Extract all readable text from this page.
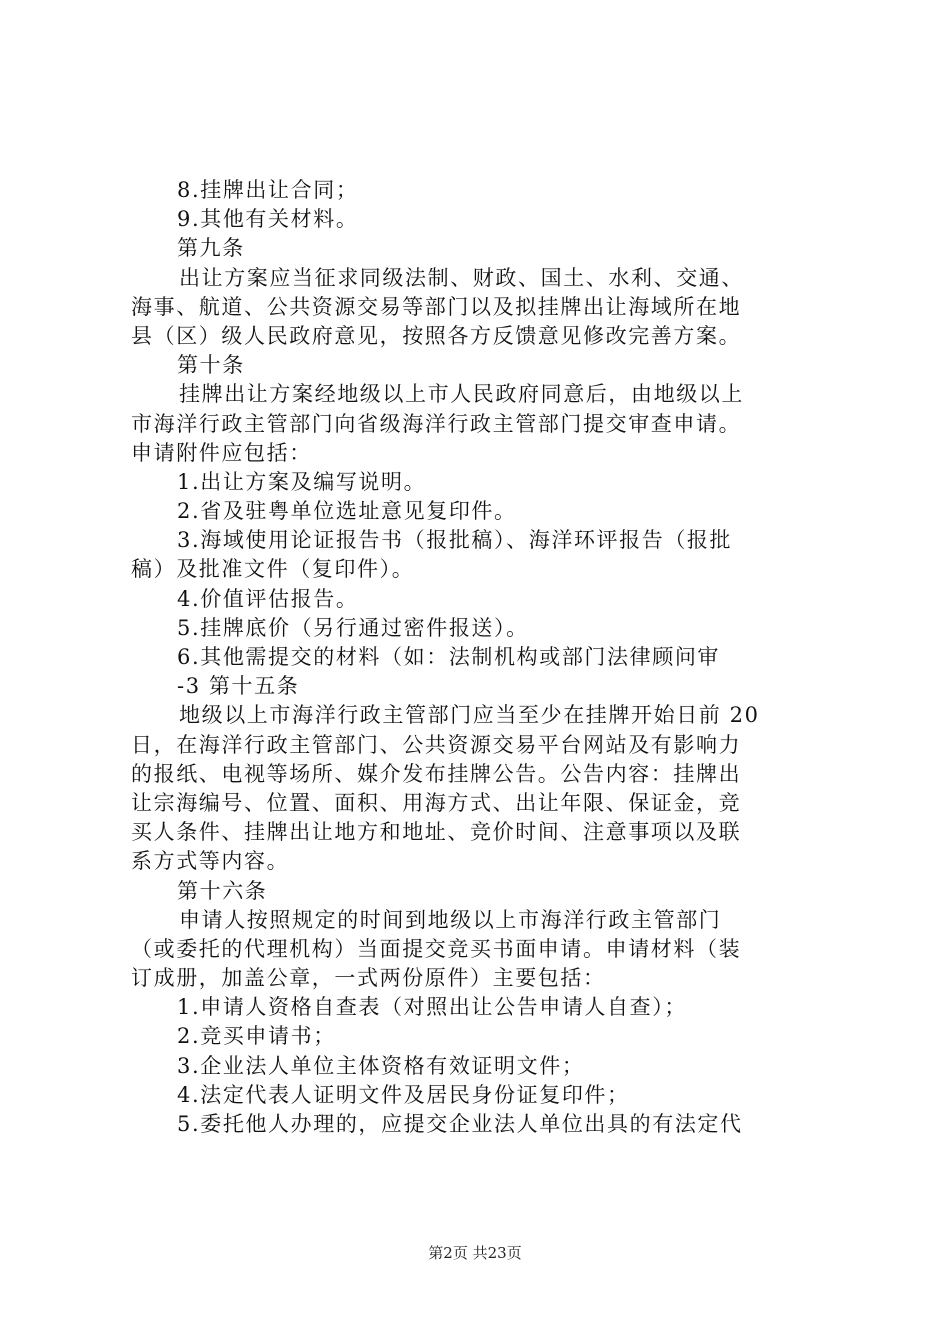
8.挂牌出让合同；
9.其他有关材料。
第九条
出让方案应当征求同级法制、财政、国土、水利、交通、
海事、航道、公共资源交易等部门以及拟挂牌出让海域所在地
县（区）级人民政府意见，按照各方反馈意见修改完善方案。
第十条
挂牌出让方案经地级以上市人民政府同意后，由地级以上
市海洋行政主管部门向省级海洋行政主管部门提交审查申请。
申请附件应包括：
1.出让方案及编写说明。
2.省及驻粤单位选址意见复印件。
3.海域使用论证报告书（报批稿）、海洋环评报告（报批
稿）及批准文件（复印件）。
4.价值评估报告。
5.挂牌底价（另行通过密件报送）。
6.其他需提交的材料（如：法制机构或部门法律顾问审
-3 第十五条
地级以上市海洋行政主管部门应当至少在挂牌开始日前 20
日，在海洋行政主管部门、公共资源交易平台网站及有影响力
的报纸、电视等场所、媒介发布挂牌公告。公告内容：挂牌出
让宗海编号、位置、面积、用海方式、出让年限、保证金，竞
买人条件、挂牌出让地方和地址、竞价时间、注意事项以及联
系方式等内容。
第十六条
申请人按照规定的时间到地级以上市海洋行政主管部门
（或委托的代理机构）当面提交竞买书面申请。申请材料（装
订成册，加盖公章，一式两份原件）主要包括：
1.申请人资格自查表（对照出让公告申请人自查）；
2.竞买申请书；
3.企业法人单位主体资格有效证明文件；
4.法定代表人证明文件及居民身份证复印件；
5.委托他人办理的，应提交企业法人单位出具的有法定代
第2页 共23页
